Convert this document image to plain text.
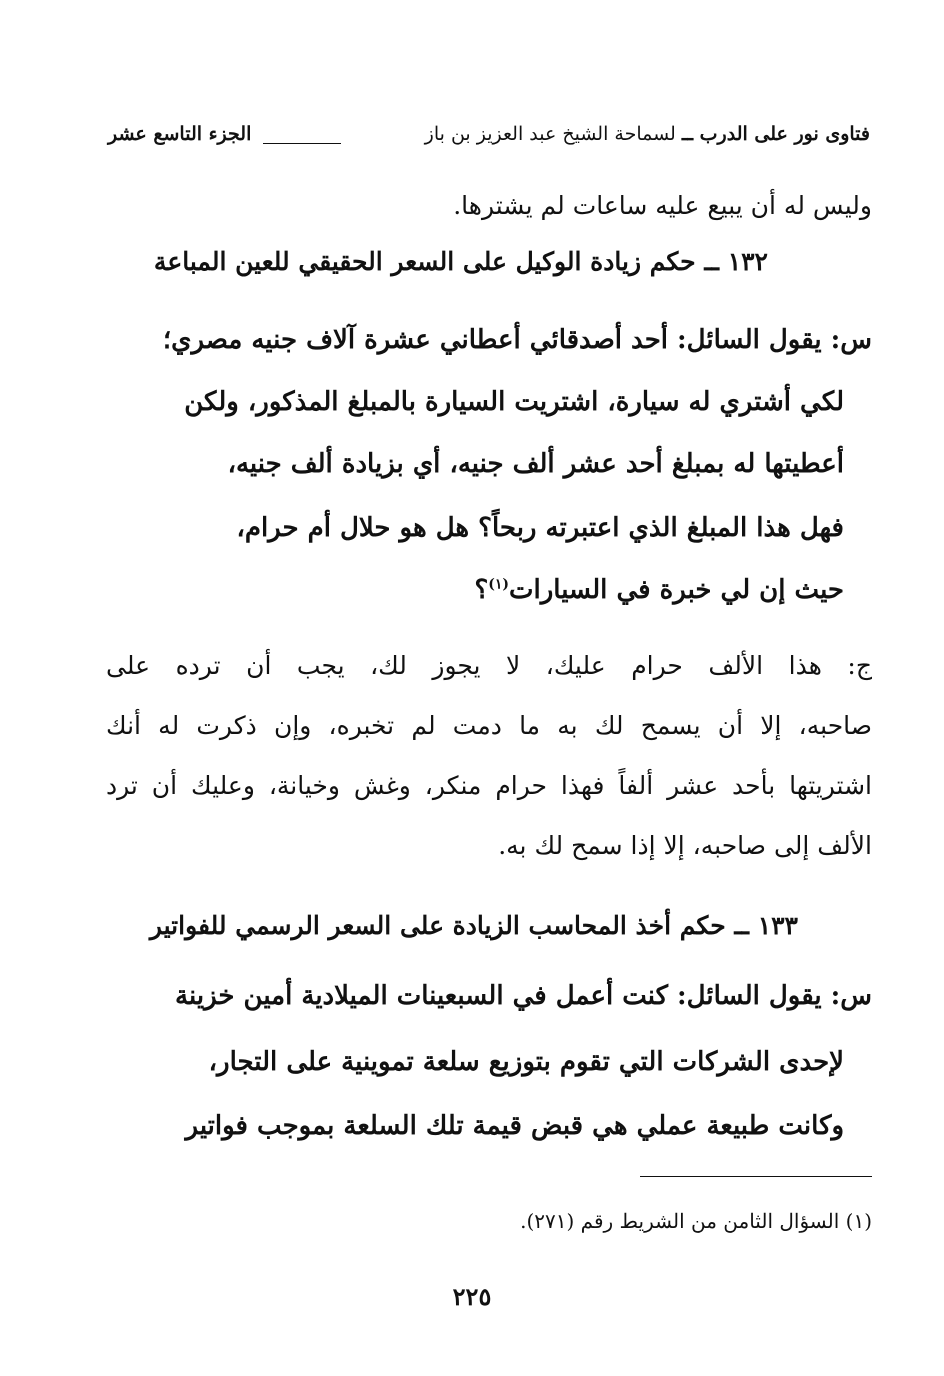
فتاوى نور على الدرب ــ لسماحة الشيخ عبد العزيز بن باز
الجزء التاسع عشر
وليس له أن يبيع عليه ساعات لم يشترها.
١٣٢ ــ حكم زيادة الوكيل على السعر الحقيقي للعين المباعة
س: يقول السائل: أحد أصدقائي أعطاني عشرة آلاف جنيه مصري؛
لكي أشتري له سيارة، اشتريت السيارة بالمبلغ المذكور، ولكن
أعطيتها له بمبلغ أحد عشر ألف جنيه، أي بزيادة ألف جنيه،
فهل هذا المبلغ الذي اعتبرته ربحاً؟ هل هو حلال أم حرام،
حيث إن لي خبرة في السيارات$^{(١)}$؟
ج: هذا الألف حرام عليك، لا يجوز لك، يجب أن ترده على
صاحبه، إلا أن يسمح لك به ما دمت لم تخبره، وإن ذكرت له أنك
اشتريتها بأحد عشر ألفاً فهذا حرام منكر، وغش وخيانة، وعليك أن ترد
الألف إلى صاحبه، إلا إذا سمح لك به.
١٣٣ ــ حكم أخذ المحاسب الزيادة على السعر الرسمي للفواتير
س: يقول السائل: كنت أعمل في السبعينات الميلادية أمين خزينة
لإحدى الشركات التي تقوم بتوزيع سلعة تموينية على التجار،
وكانت طبيعة عملي هي قبض قيمة تلك السلعة بموجب فواتير
(١) السؤال الثامن من الشريط رقم (٢٧١).
٢٢٥
